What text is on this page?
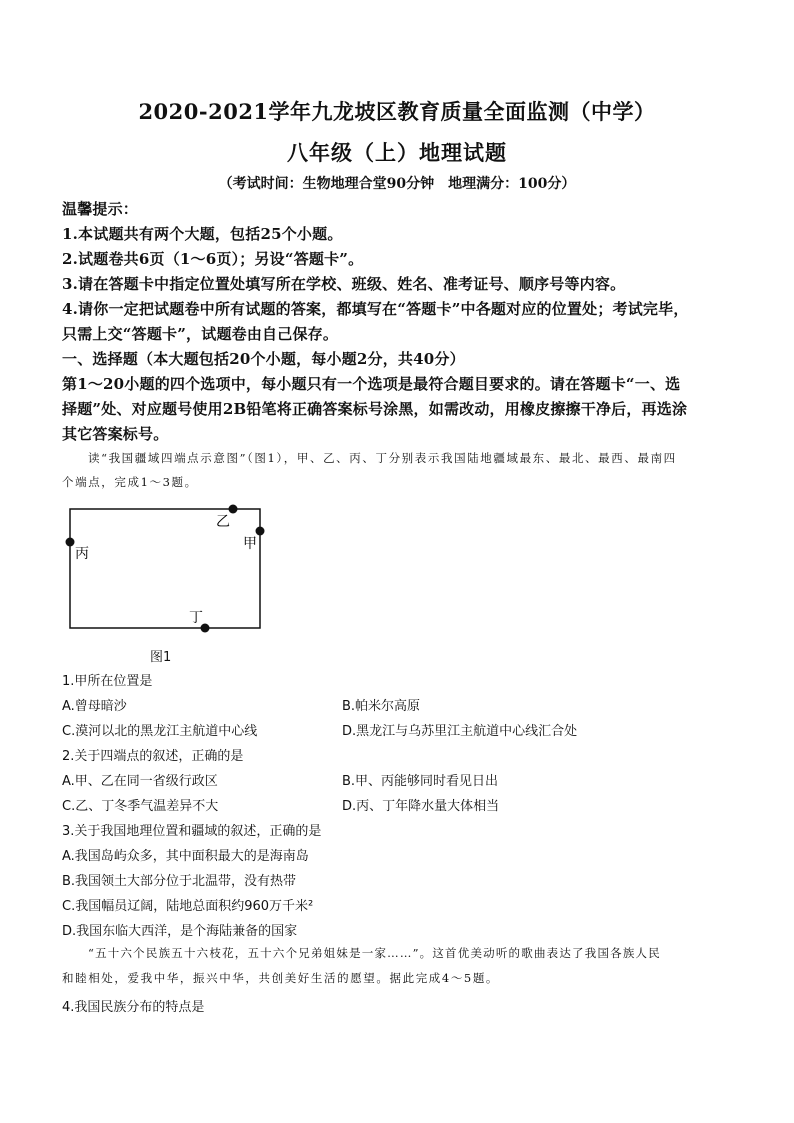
2020-2021学年九龙坡区教育质量全面监测（中学）
八年级（上）地理试题
（考试时间：生物地理合堂90分钟　地理满分：100分）
温馨提示：
1.本试题共有两个大题，包括25个小题。
2.试题卷共6页（1～6页）；另设“答题卡”。
3.请在答题卡中指定位置处填写所在学校、班级、姓名、准考证号、顺序号等内容。
4.请你一定把试题卷中所有试题的答案，都填写在“答题卡”中各题对应的位置处；考试完毕，
只需上交“答题卡”，试题卷由自己保存。
一、选择题（本大题包括20个小题，每小题2分，共40分）
第1～20小题的四个选项中，每小题只有一个选项是最符合题目要求的。请在答题卡“一、选
择题”处、对应题号使用2B铅笔将正确答案标号涂黑，如需改动，用橡皮擦擦干净后，再选涂
其它答案标号。
读“我国疆域四端点示意图”（图1），甲、乙、丙、丁分别表示我国陆地疆域最东、最北、最西、最南四
个端点，完成1～3题。
乙
甲
丙
丁
图1
1.甲所在位置是
A.曾母暗沙	B.帕米尔高原
C.漠河以北的黑龙江主航道中心线	D.黑龙江与乌苏里江主航道中心线汇合处
2.关于四端点的叙述，正确的是
A.甲、乙在同一省级行政区	B.甲、丙能够同时看见日出
C.乙、丁冬季气温差异不大	D.丙、丁年降水量大体相当
3.关于我国地理位置和疆域的叙述，正确的是
A.我国岛屿众多，其中面积最大的是海南岛
B.我国领土大部分位于北温带，没有热带
C.我国幅员辽阔，陆地总面积约960万千米²
D.我国东临大西洋，是个海陆兼备的国家
“五十六个民族五十六枝花，五十六个兄弟姐妹是一家……”。这首优美动听的歌曲表达了我国各族人民
和睦相处，爱我中华，振兴中华，共创美好生活的愿望。据此完成4～5题。
4.我国民族分布的特点是
